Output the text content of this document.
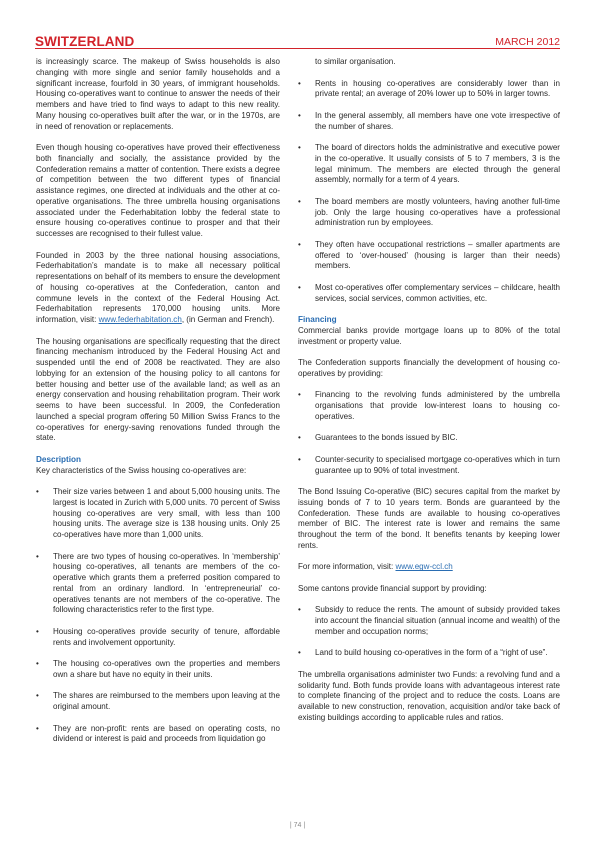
SWITZERLAND	MARCH 2012

is increasingly scarce. The makeup of Swiss households is also changing with more single and senior family households and a significant increase, fourfold in 30 years, of immigrant households. Housing co-operatives want to continue to answer the needs of their members and have tried to find ways to adapt to this new reality. Many housing co-operatives built after the war, or in the 1970s, are in need of renovation or replacements.

Even though housing co-operatives have proved their effectiveness both financially and socially, the assistance provided by the Confederation remains a matter of contention. There exists a degree of competition between the two different types of financial assistance regimes, one directed at individuals and the other at co-operative organisations. The three umbrella housing organisations associated under the Federhabitation lobby the federal state to ensure housing co-operatives continue to prosper and that their successes are recognised to their fullest value.

Founded in 2003 by the three national housing associations, Federhabitation’s mandate is to make all necessary political representations on behalf of its members to ensure the development of housing co-operatives at the Confederation, canton and commune levels in the context of the Federal Housing Act. Federhabitation represents 170,000 housing units. More information, visit: www.federhabitation.ch, (in German and French).

The housing organisations are specifically requesting that the direct financing mechanism introduced by the Federal Housing Act and suspended until the end of 2008 be reactivated. They are also lobbying for an extension of the housing policy to all cantons for better housing and better use of the available land; as well as an energy conservation and housing rehabilitation program. Their work seems to have been successful. In 2009, the Confederation launched a special program offering 50 Million Swiss Francs to the co-operatives for energy-saving renovations funded through the state.

Description

Key characteristics of the Swiss housing co-operatives are:

• Their size varies between 1 and about 5,000 housing units. The largest is located in Zurich with 5,000 units. 70 percent of Swiss housing co-operatives are very small, with less than 100 housing units. The average size is 138 housing units. Only 25 co-operatives have more than 1,000 units.
• There are two types of housing co-operatives. In ‘membership’ housing co-operatives, all tenants are members of the co-operative which grants them a preferred position compared to rental from an ordinary landlord. In ‘entrepreneurial’ co-operatives tenants are not members of the co-operative. The following characteristics refer to the first type.
• Housing co-operatives provide security of tenure, affordable rents and involvement opportunity.
• The housing co-operatives own the properties and members own a share but have no equity in their units.
• The shares are reimbursed to the members upon leaving at the original amount.
• They are non-profit: rents are based on operating costs, no dividend or interest is paid and proceeds from liquidation go
to similar organisation.
• Rents in housing co-operatives are considerably lower than in private rental; an average of 20% lower up to 50% in larger towns.
• In the general assembly, all members have one vote irrespective of the number of shares.
• The board of directors holds the administrative and executive power in the co-operative. It usually consists of 5 to 7 members, 3 is the legal minimum. The members are elected through the general assembly, normally for a term of 4 years.
• The board members are mostly volunteers, having another full-time job. Only the large housing co-operatives have a professional administration run by employees.
• They often have occupational restrictions – smaller apartments are offered to ‘over-housed’ (housing is larger than their needs) members.
• Most co-operatives offer complementary services – childcare, health services, social services, common activities, etc.
Financing

Commercial banks provide mortgage loans up to 80% of the total investment or property value.

The Confederation supports financially the development of housing co-operatives by providing:

• Financing to the revolving funds administered by the umbrella organisations that provide low-interest loans to housing co-operatives.
• Guarantees to the bonds issued by BIC.
• Counter-security to specialised mortgage co-operatives which in turn guarantee up to 90% of total investment.

The Bond Issuing Co-operative (BIC) secures capital from the market by issuing bonds of 7 to 10 years term. Bonds are guaranteed by the Confederation. These funds are available to housing co-operatives member of BIC. The interest rate is lower and remains the same throughout the term of the bond. It benefits tenants by keeping lower rents.

For more information, visit: www.egw-ccl.ch

Some cantons provide financial support by providing:

• Subsidy to reduce the rents. The amount of subsidy provided takes into account the financial situation (annual income and wealth) of the member and occupation norms;
• Land to build housing co-operatives in the form of a “right of use”.

The umbrella organisations administer two Funds: a revolving fund and a solidarity fund. Both funds provide loans with advantageous interest rate to complete financing of the project and to reduce the costs. Loans are available to new construction, renovation, acquisition and/or take back of existing buildings according to applicable rules and ratios.

| 74 |
